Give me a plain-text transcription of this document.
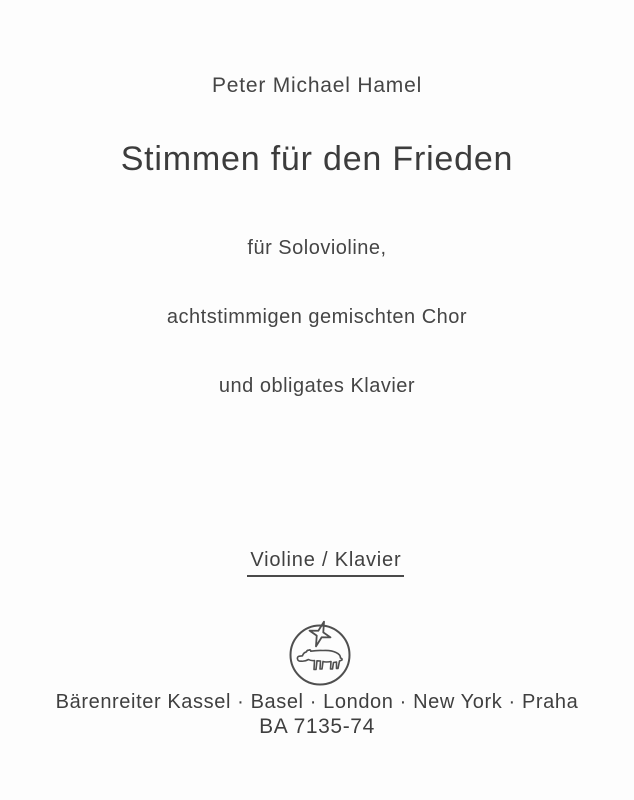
Peter Michael Hamel
Stimmen für den Frieden

für Solovioline,

achtstimmigen gemischten Chor

und obligates Klavier

Violine / Klavier

Bärenreiter Kassel · Basel · London · New York · Praha
BA 7135-74
